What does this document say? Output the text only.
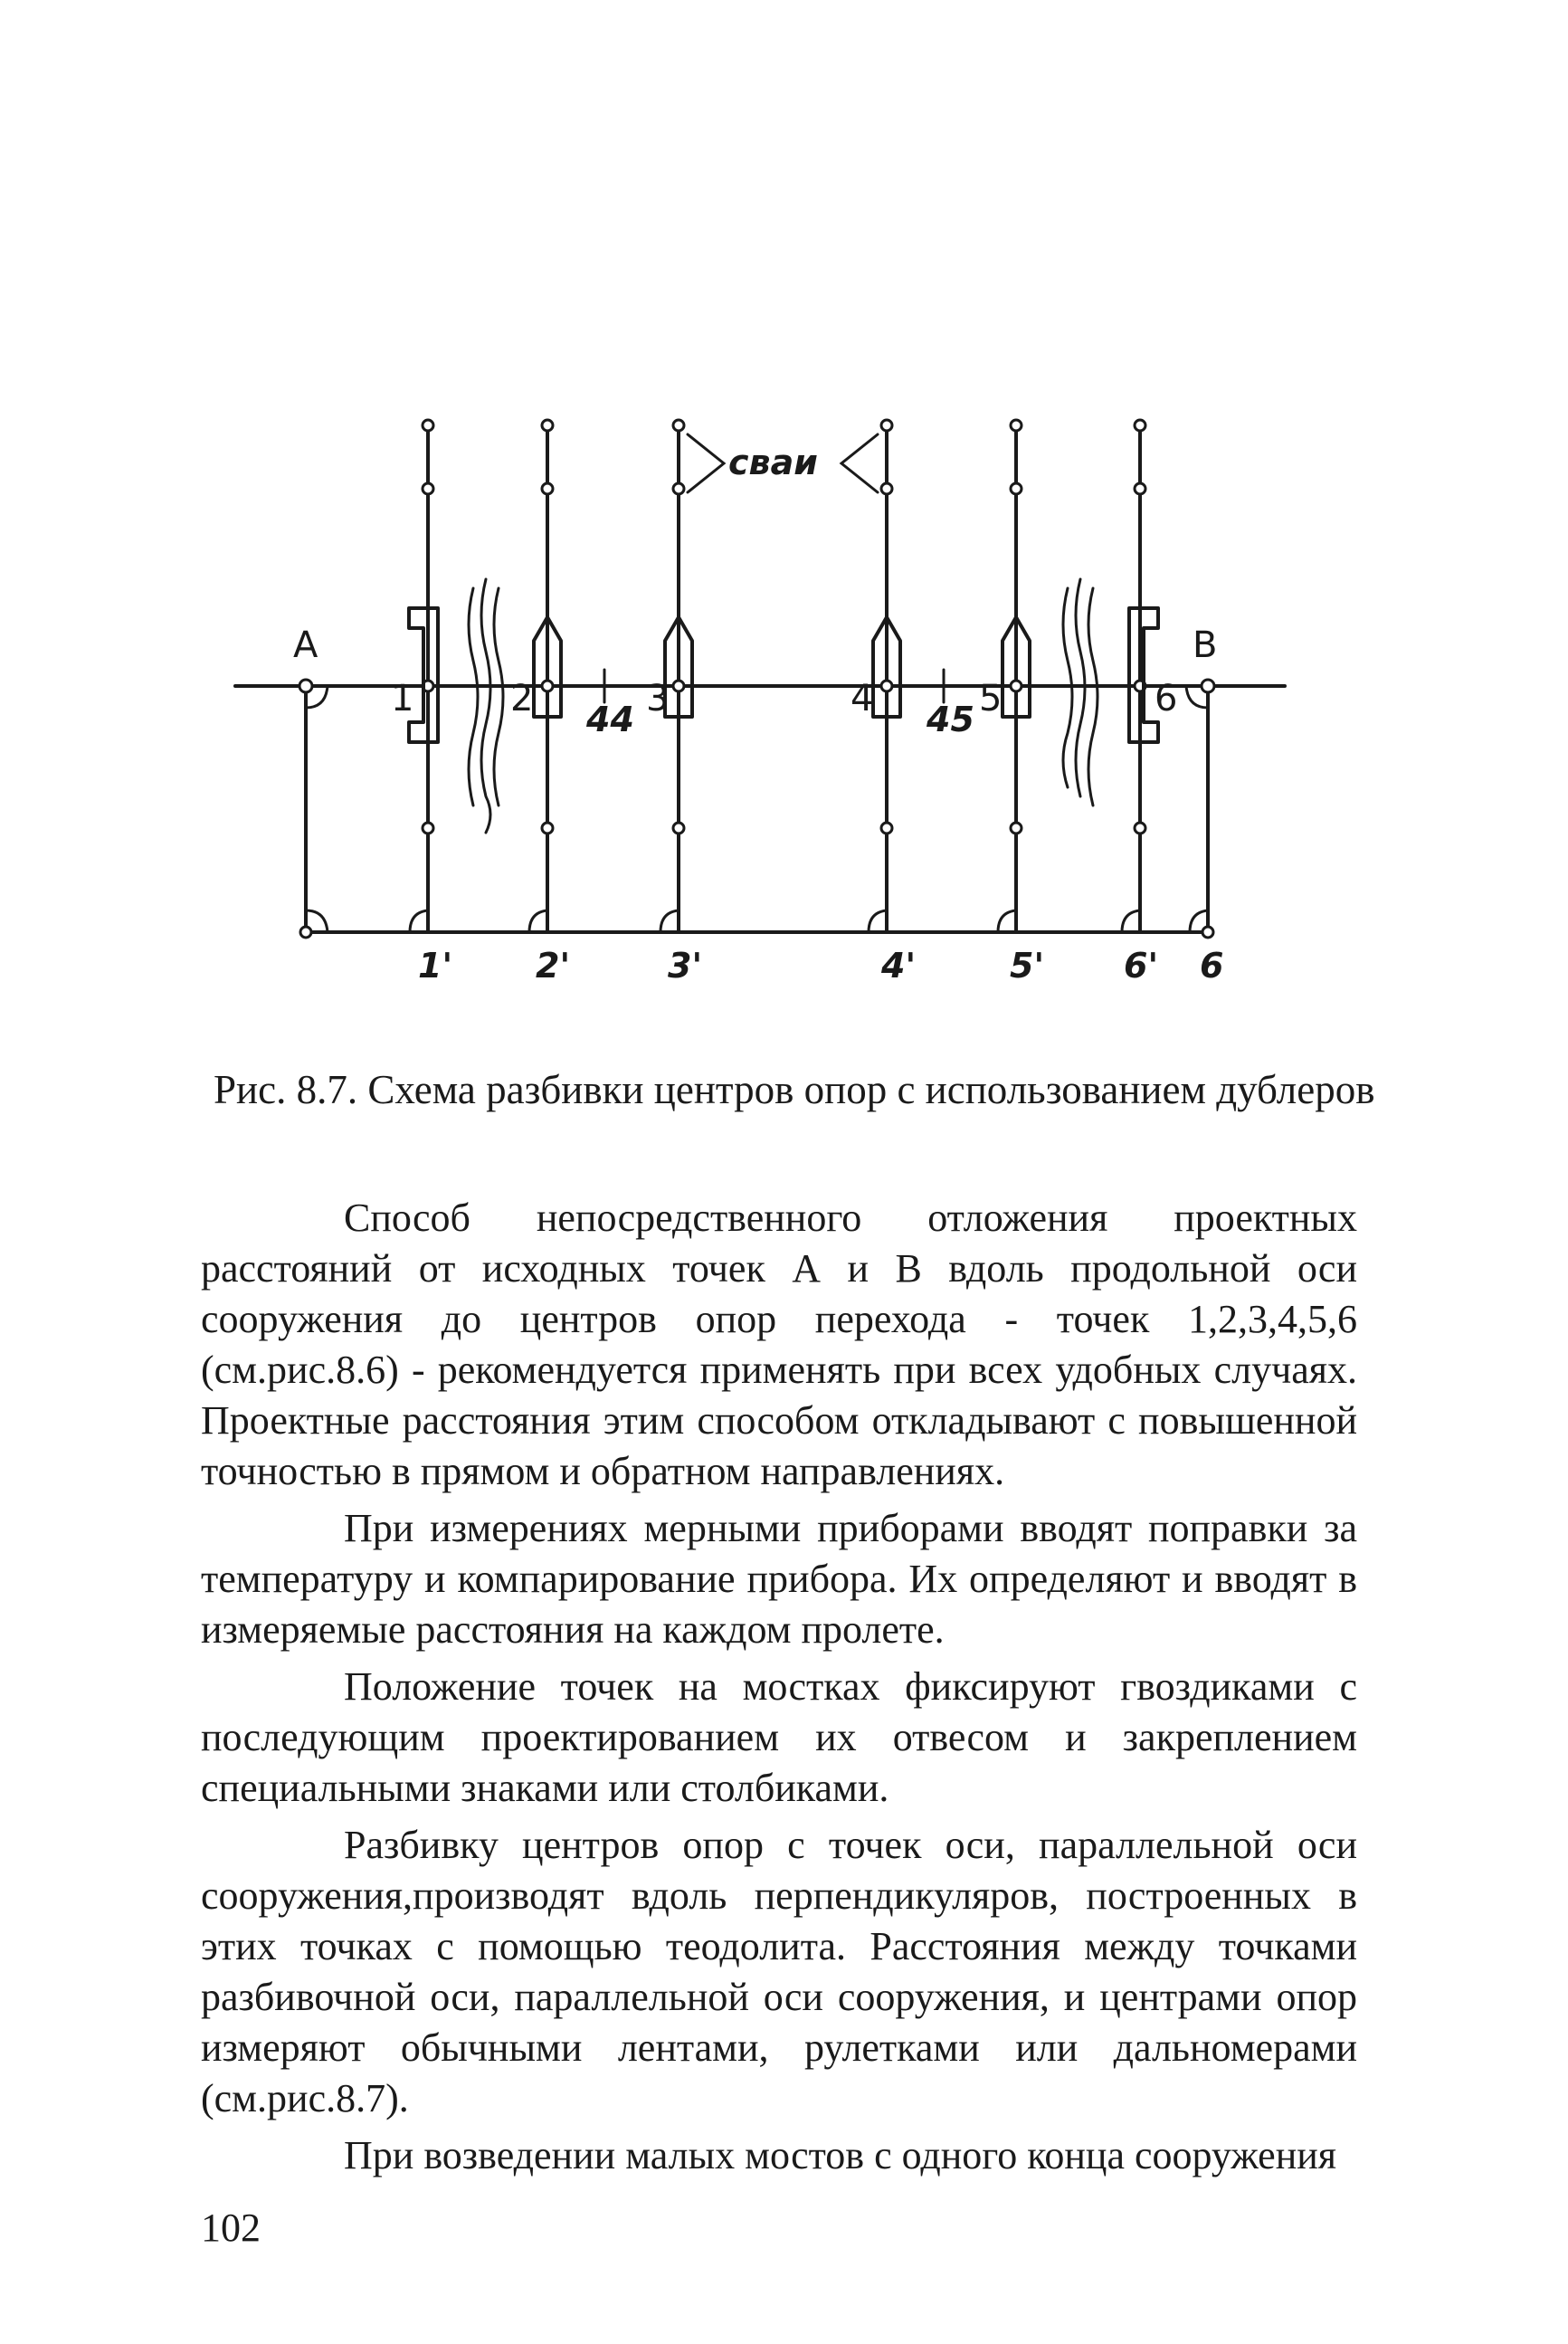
A	B
сваи
1	2	3	4	5	6
44	45
1' 2'	3'	4'	5' 6' 6
Рис. 8.7. Схема разбивки центров опор с использованием дублеров

Способ непосредственного отложения проектных расстояний от исходных точек А и В вдоль продольной оси сооружения до центров опор перехода - точек 1,2,3,4,5,6 (см.рис.8.6) - рекомендуется применять при всех удобных случаях. Проектные расстояния этим способом откладывают с повышенной точностью в прямом и обратном направлениях.

При измерениях мерными приборами вводят поправки за температуру и компарирование прибора. Их определяют и вводят в измеряемые расстояния на каждом пролете.

Положение точек на мостках фиксируют гвоздиками с последующим проектированием их отвесом и закреплением специальными знаками или столбиками.

Разбивку центров опор с точек оси, параллельной оси сооружения,производят вдоль перпендикуляров, построенных в этих точках с помощью теодолита. Расстояния между точками разбивочной оси, параллельной оси сооружения, и центрами опор измеряют обычными лентами, рулетками или дальномерами (см.рис.8.7).

При возведении малых мостов с одного конца сооружения

102
